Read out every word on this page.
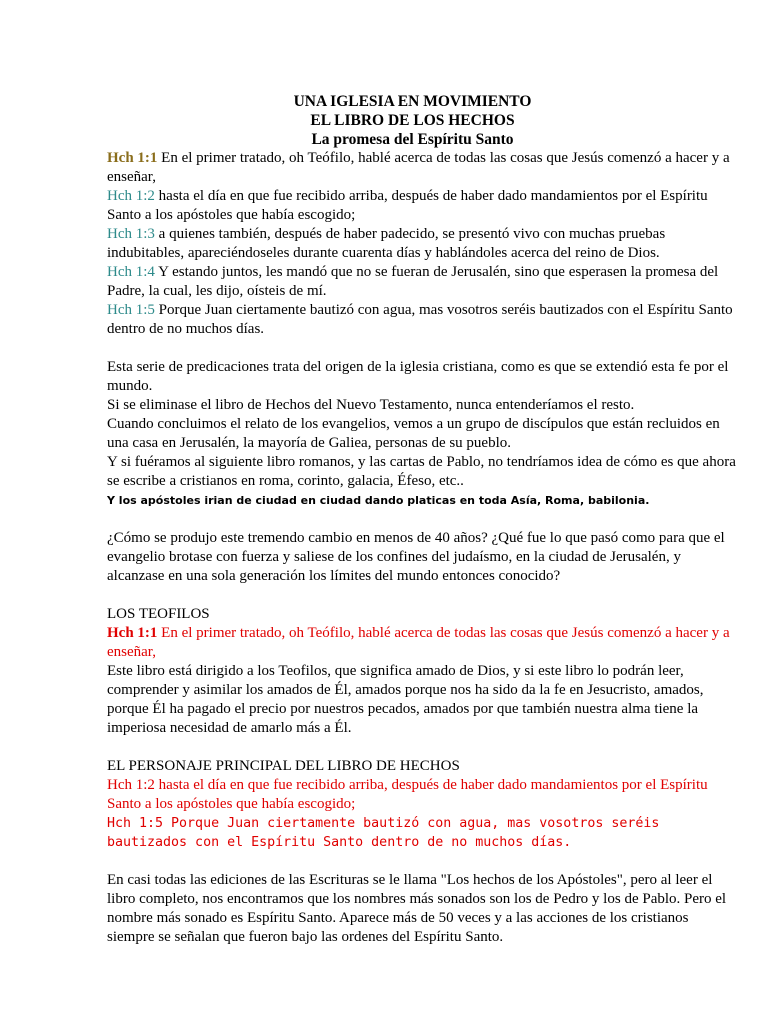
UNA IGLESIA EN MOVIMIENTO
EL LIBRO DE LOS HECHOS
La promesa del Espíritu Santo

Hch 1:1 En el primer tratado, oh Teófilo, hablé acerca de todas las cosas que Jesús comenzó a hacer y a enseñar,

Hch 1:2 hasta el día en que fue recibido arriba, después de haber dado mandamientos por el Espíritu Santo a los apóstoles que había escogido;

Hch 1:3 a quienes también, después de haber padecido, se presentó vivo con muchas pruebas indubitables, apareciéndoseles durante cuarenta días y hablándoles acerca del reino de Dios.

Hch 1:4 Y estando juntos, les mandó que no se fueran de Jerusalén, sino que esperasen la promesa del Padre, la cual, les dijo, oísteis de mí.

Hch 1:5 Porque Juan ciertamente bautizó con agua, mas vosotros seréis bautizados con el Espíritu Santo dentro de no muchos días.

Esta serie de predicaciones trata del origen de la iglesia cristiana, como es que se extendió esta fe por el mundo.

Si se eliminase el libro de Hechos del Nuevo Testamento, nunca entenderíamos el resto.

Cuando concluimos el relato de los evangelios, vemos a un grupo de discípulos que están recluidos en una casa en Jerusalén, la mayoría de Galiea, personas de su pueblo.

Y si fuéramos al siguiente libro romanos, y las cartas de Pablo, no tendríamos idea de cómo es que ahora se escribe a cristianos en roma, corinto, galacia, Éfeso, etc..

Y los apóstoles irian de ciudad en ciudad dando platicas en toda Asía, Roma, babilonia.

¿Cómo se produjo este tremendo cambio en menos de 40 años? ¿Qué fue lo que pasó como para que el evangelio brotase con fuerza y saliese de los confines del judaísmo, en la ciudad de Jerusalén, y alcanzase en una sola generación los límites del mundo entonces conocido?

LOS TEOFILOS

Hch 1:1 En el primer tratado, oh Teófilo, hablé acerca de todas las cosas que Jesús comenzó a hacer y a enseñar,

Este libro está dirigido a los Teofilos, que significa amado de Dios, y si este libro lo podrán leer, comprender y asimilar los amados de Él, amados porque nos ha sido da la fe en Jesucristo, amados, porque Él ha pagado el precio por nuestros pecados, amados por que también nuestra alma tiene la imperiosa necesidad de amarlo más a Él.

EL PERSONAJE PRINCIPAL DEL LIBRO DE HECHOS

Hch 1:2 hasta el día en que fue recibido arriba, después de haber dado mandamientos por el Espíritu Santo a los apóstoles que había escogido;

Hch 1:5 Porque Juan ciertamente bautizó con agua, mas vosotros seréis bautizados con el Espíritu Santo dentro de no muchos días.

En casi todas las ediciones de las Escrituras se le llama "Los hechos de los Apóstoles", pero al leer el libro completo, nos encontramos que los nombres más sonados son los de Pedro y los de Pablo. Pero el nombre más sonado es Espíritu Santo. Aparece más de 50 veces y a las acciones de los cristianos siempre se señalan que fueron bajo las ordenes del Espíritu Santo.
